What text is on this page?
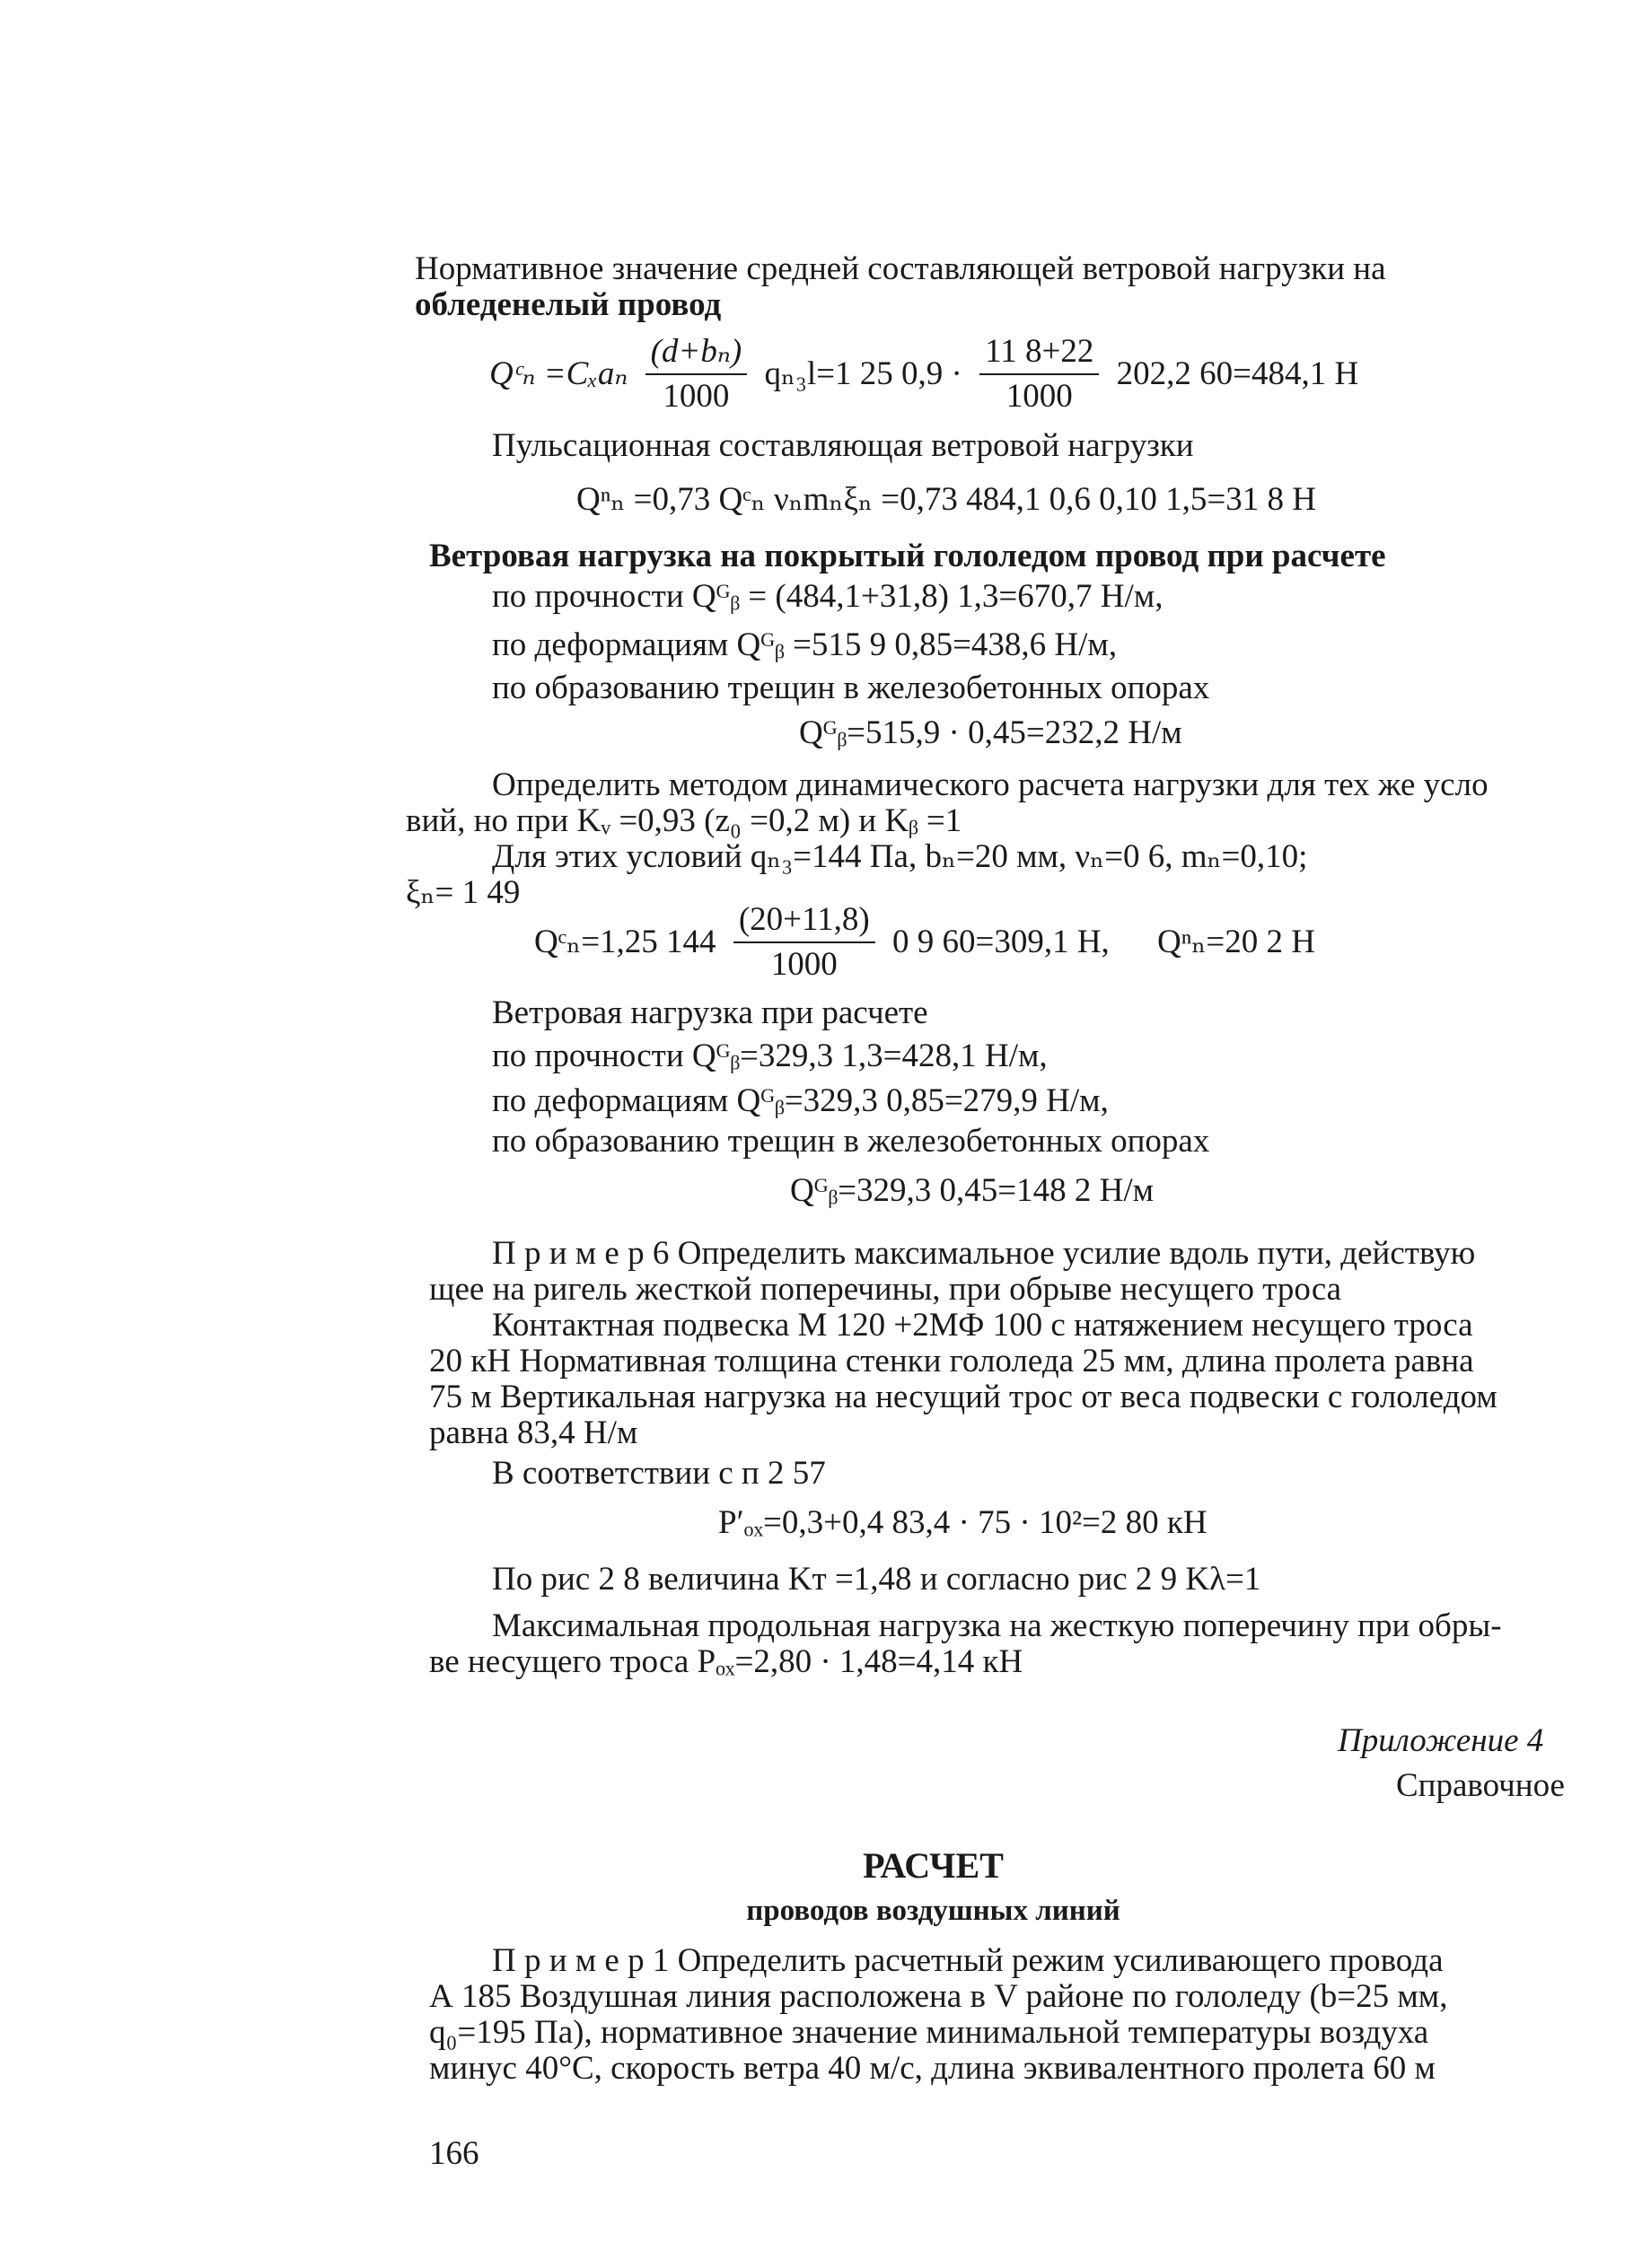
Нормативное значение средней составляющей ветровой нагрузки на
обледенелый провод
Qᶜₙ $=C_xa_n \frac{\text{(d+bₙ)}}{1000} q_{n3}l=1$ 25 $0,9 \cdot \frac{11 8+22}{1000} 202,2$ 60=484,1 Н
Пульсационная составляющая ветровой нагрузки
Qⁿₙ =0,73 Qᶜₙ νₙmₙξₙ =0,73 484,1 0,6 0,10 1,5=31 8 Н
Ветровая нагрузка на покрытый гололедом провод при расчете
по прочности Qᴳᵦ = (484,1+31,8) 1,3=670,7 Н/м,
по деформациям Qᴳᵦ =515 9 0,85=438,6 Н/м,
по образованию трещин в железобетонных опорах
Qᴳᵦ=515,9 · 0,45=232,2 Н/м
Определить методом динамического расчета нагрузки для тех же усло
вий, но при Kᵥ =0,93 (z₀ =0,2 м) и Kᵦ =1
Для этих условий qₙ₃=144 Па, bₙ=20 мм, νₙ=0 6, mₙ=0,10;
ξₙ= 1 49
Qᶜₙ=1,25 $144 \frac{(20+11,8)}{1000} 0$ 9 60=309,1 Н, Qⁿₙ=20 2 Н
Ветровая нагрузка при расчете
по прочности Qᴳᵦ=329,3 1,3=428,1 Н/м,
по деформациям Qᴳᵦ=329,3 0,85=279,9 Н/м,
по образованию трещин в железобетонных опорах
Qᴳᵦ=329,3 0,45=148 2 Н/м
П р и м е р 6 Определить максимальное усилие вдоль пути, действую
щее на ригель жесткой поперечины, при обрыве несущего троса
Контактная подвеска М 120 +2МФ 100 с натяжением несущего троса
20 кН Нормативная толщина стенки гололеда 25 мм, длина пролета равна
75 м Вертикальная нагрузка на несущий трос от веса подвески с гололедом
равна 83,4 Н/м
В соответствии с п 2 57
P′ₒₓ=0,3+0,4 83,4 · 75 · 10²=2 80 кН
По рис 2 8 величина Kт =1,48 и согласно рис 2 9 Kλ=1
Максимальная продольная нагрузка на жесткую поперечину при обры-
ве несущего троса Pₒₓ=2,80 · 1,48=4,14 кН
Приложение 4
Справочное
РАСЧЕТ
проводов воздушных линий
П р и м е р 1 Определить расчетный режим усиливающего провода
А 185 Воздушная линия расположена в V районе по гололеду (b=25 мм,
q₀=195 Па), нормативное значение минимальной температуры воздуха
минус 40°С, скорость ветра 40 м/с, длина эквивалентного пролета 60 м
166
